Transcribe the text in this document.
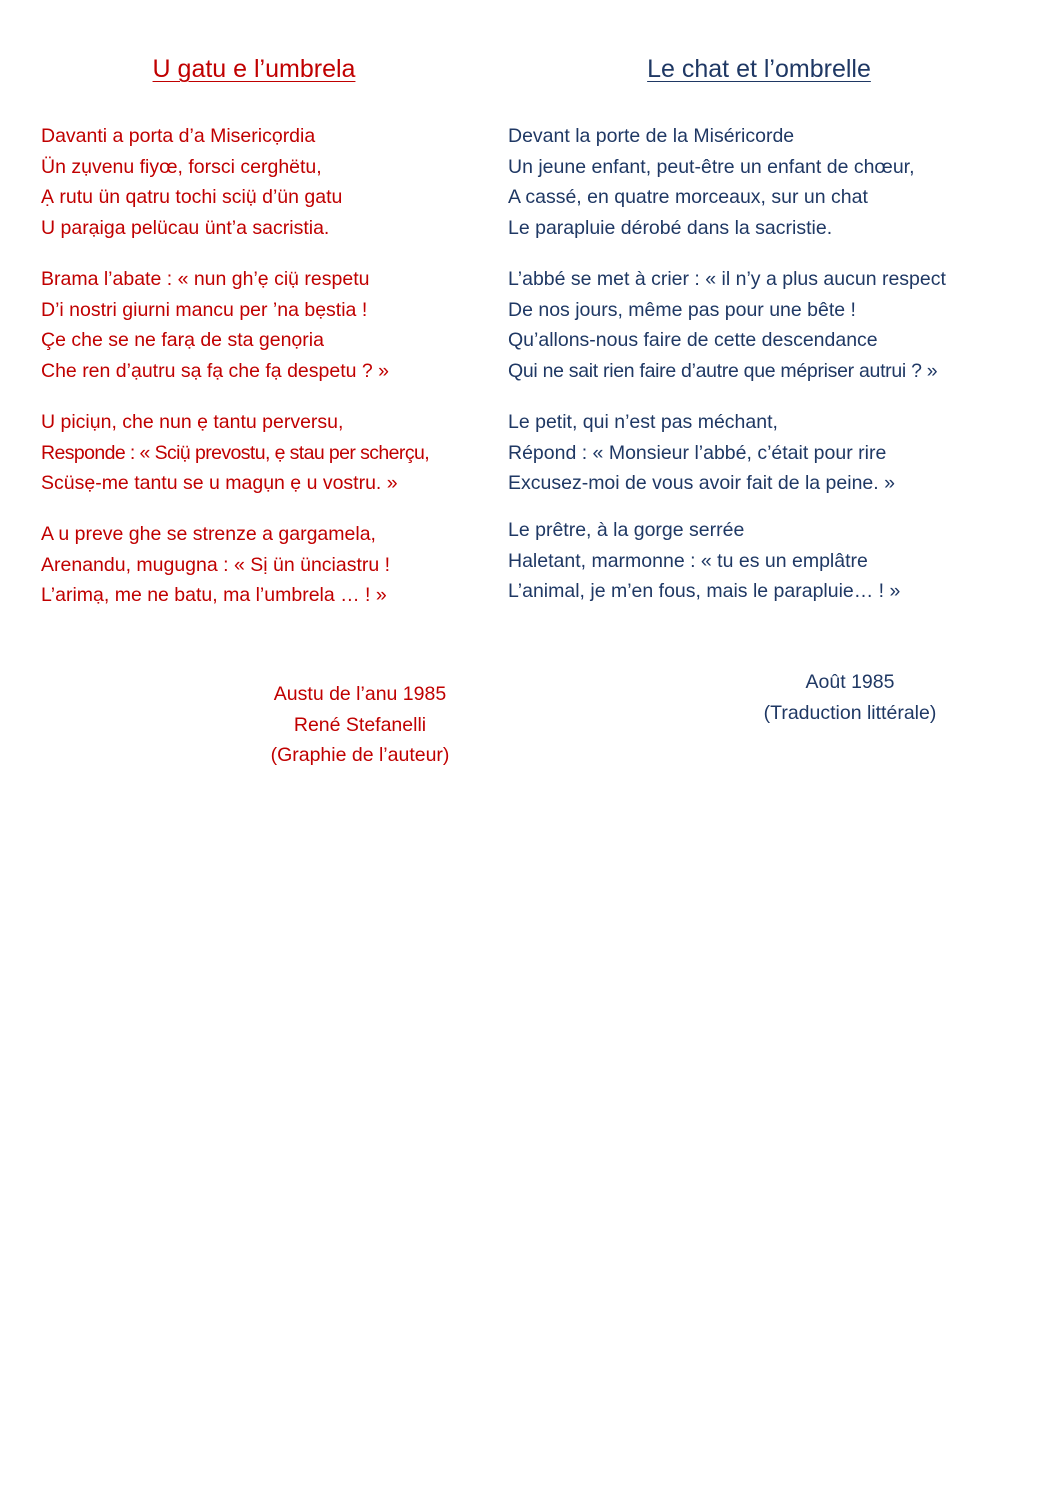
U gatu e l’umbrela
Davanti a porta d’a Misericọrdia
Ün zụvenu fiyœ, forsci cerghëtu,
Ạ rutu ün qatru tochi sciụ̈ d’ün gatu
U parạiga pelücau ünt’a sacristia.
Brama l’abate : « nun gh’ẹ ciụ̈ respetu
D’i nostri giurni mancu per ’na bẹstia !
Çe che se ne farạ de sta genọria
Che ren d’ạutru sạ fạ che fạ despetu ? »
U piciụn, che nun ẹ tantu perversu,
Responde : « Sciụ̈ prevostu, ẹ stau per scherçu,
Scüsẹ-me tantu se u magụn ẹ u vostru. »
A u preve ghe se strenze a gargamela,
Arenandu, mugugna : « Sị ün ünciastru !
L’arimạ, me ne batu, ma l’umbrela … ! »
Austu de l’anu 1985
René Stefanelli
(Graphie de l’auteur)
Le chat et l’ombrelle
Devant la porte de la Miséricorde
Un jeune enfant, peut-être un enfant de chœur,
A cassé, en quatre morceaux, sur un chat
Le parapluie dérobé dans la sacristie.
L’abbé se met à crier : « il n’y a plus aucun respect
De nos jours, même pas pour une bête !
Qu’allons-nous faire de cette descendance
Qui ne sait rien faire d’autre que mépriser autrui ? »
Le petit, qui n’est pas méchant,
Répond : « Monsieur l’abbé, c’était pour rire
Excusez-moi de vous avoir fait de la peine. »
Le prêtre, à la gorge serrée
Haletant, marmonne : « tu es un emplâtre
L’animal, je m’en fous, mais le parapluie… ! »
Août 1985
(Traduction littérale)
